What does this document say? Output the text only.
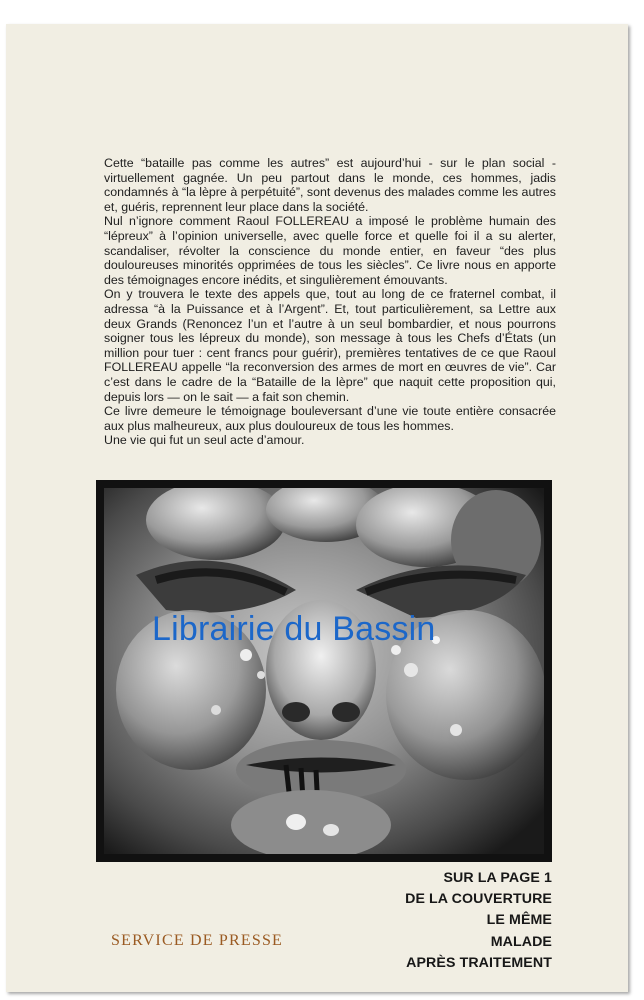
Cette “bataille pas comme les autres” est aujourd’hui - sur le plan social - virtuellement gagnée. Un peu partout dans le monde, ces hommes, jadis condamnés à “la lèpre à perpétuité”, sont devenus des malades comme les autres et, guéris, reprennent leur place dans la société.

Nul n’ignore comment Raoul FOLLEREAU a imposé le problème humain des “lépreux” à l’opinion universelle, avec quelle force et quelle foi il a su alerter, scandaliser, révolter la conscience du monde entier, en faveur “des plus douloureuses minorités opprimées de tous les siècles”. Ce livre nous en apporte des témoignages encore inédits, et singulièrement émouvants.

On y trouvera le texte des appels que, tout au long de ce fraternel combat, il adressa “à la Puissance et à l’Argent”. Et, tout particulièrement, sa Lettre aux deux Grands (Renoncez l’un et l’autre à un seul bombardier, et nous pourrons soigner tous les lépreux du monde), son message à tous les Chefs d’États (un million pour tuer : cent francs pour guérir), premières tentatives de ce que Raoul FOLLEREAU appelle “la reconversion des armes de mort en œuvres de vie”. Car c’est dans le cadre de la “Bataille de la lèpre” que naquit cette proposition qui, depuis lors — on le sait — a fait son chemin.

Ce livre demeure le témoignage bouleversant d’une vie toute entière consacrée aux plus malheureux, aux plus douloureux de tous les hommes.

Une vie qui fut un seul acte d’amour.

Librairie du Bassin
SUR LA PAGE 1
DE LA COUVERTURE
LE MÊME
MALADE
APRÈS TRAITEMENT
SERVICE DE PRESSE
